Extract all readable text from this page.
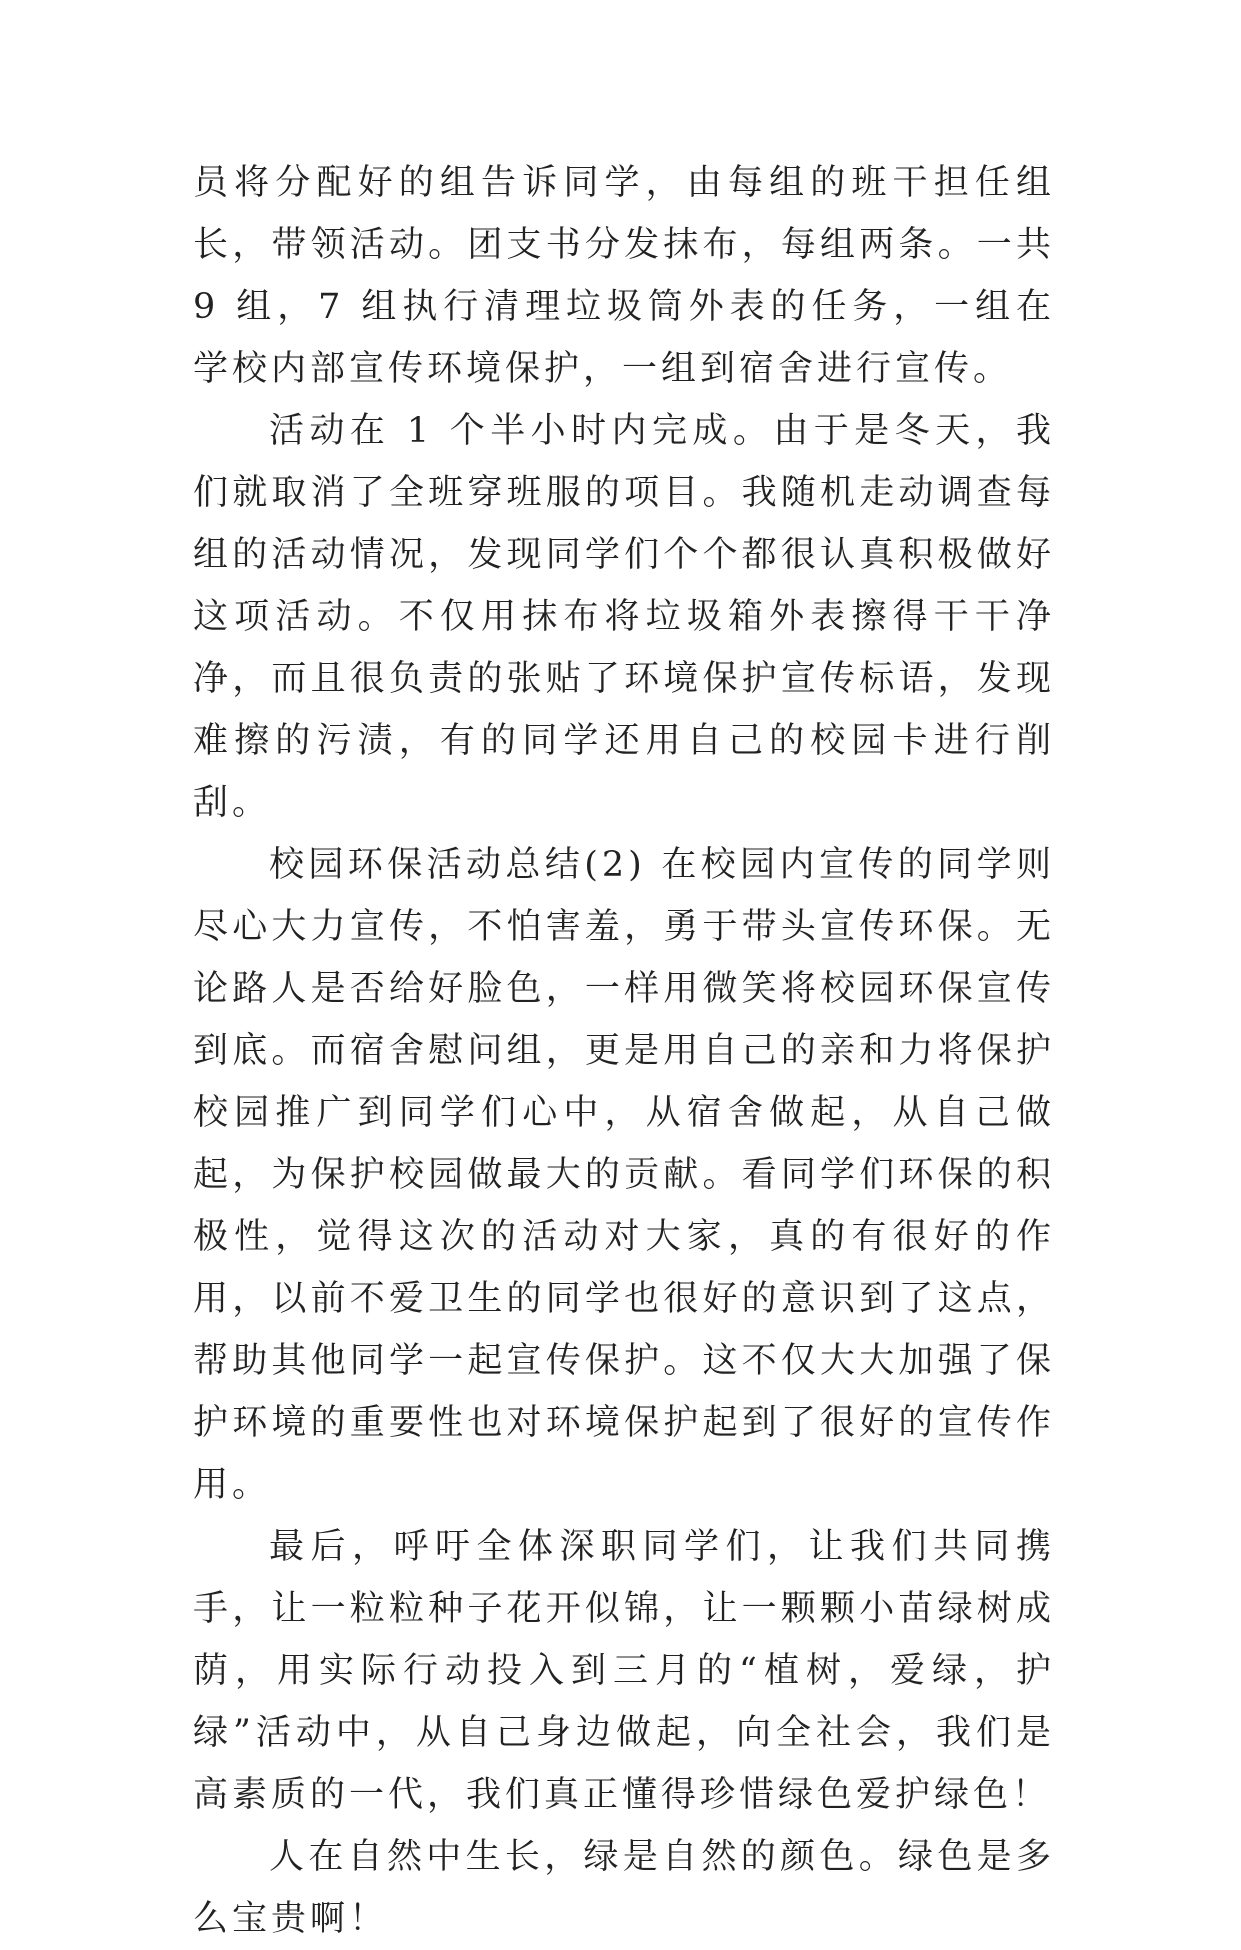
员将分配好的组告诉同学，由每组的班干担任组长，带领活动。团支书分发抹布，每组两条。一共 9 组，7 组执行清理垃圾筒外表的任务，一组在学校内部宣传环境保护，一组到宿舍进行宣传。

活动在 1 个半小时内完成。由于是冬天，我们就取消了全班穿班服的项目。我随机走动调查每组的活动情况，发现同学们个个都很认真积极做好这项活动。不仅用抹布将垃圾箱外表擦得干干净净，而且很负责的张贴了环境保护宣传标语，发现难擦的污渍，有的同学还用自己的校园卡进行削刮。

校园环保活动总结(2) 在校园内宣传的同学则尽心大力宣传，不怕害羞，勇于带头宣传环保。无论路人是否给好脸色，一样用微笑将校园环保宣传到底。而宿舍慰问组，更是用自己的亲和力将保护校园推广到同学们心中，从宿舍做起，从自己做起，为保护校园做最大的贡献。看同学们环保的积极性，觉得这次的活动对大家，真的有很好的作用，以前不爱卫生的同学也很好的意识到了这点，帮助其他同学一起宣传保护。这不仅大大加强了保护环境的重要性也对环境保护起到了很好的宣传作用。

最后，呼吁全体深职同学们，让我们共同携手，让一粒粒种子花开似锦，让一颗颗小苗绿树成荫，用实际行动投入到三月的“植树，爱绿，护绿”活动中，从自己身边做起，向全社会，我们是高素质的一代，我们真正懂得珍惜绿色爱护绿色！

人在自然中生长，绿是自然的颜色。绿色是多么宝贵啊！
